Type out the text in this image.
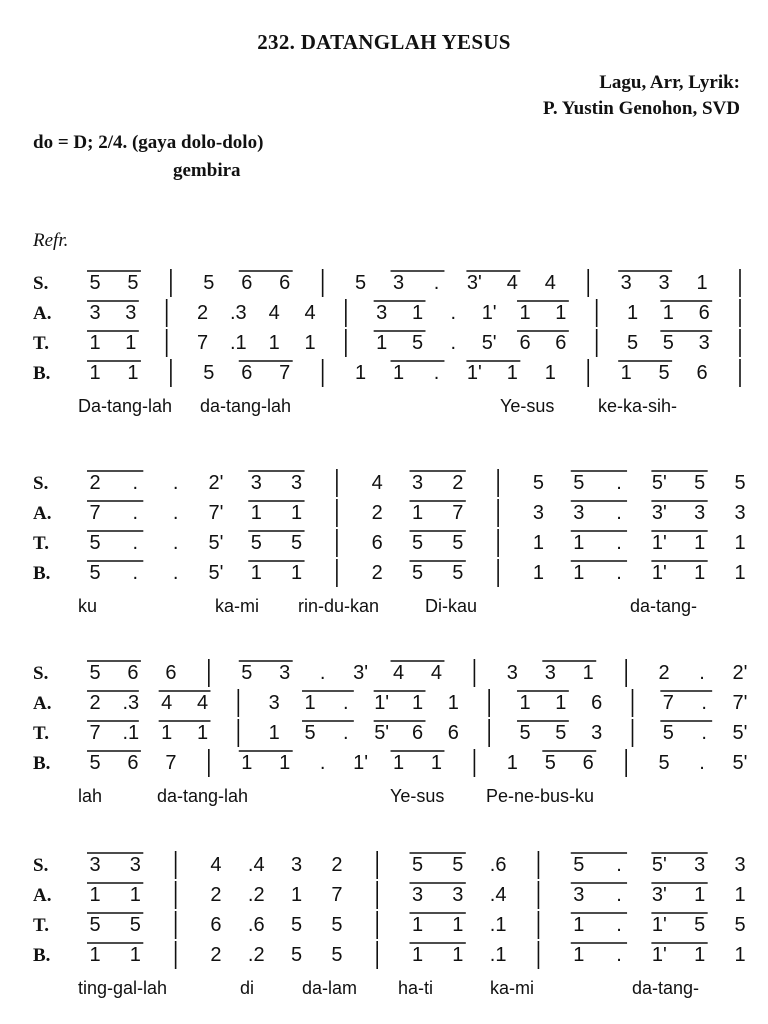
232. DATANGLAH YESUS
Lagu, Arr, Lyrik:
P. Yustin Genohon, SVD
do = D; 2/4. (gaya dolo-dolo)
gembira
Refr.
S.
A.
T.
B.
5 5	5 6 6	5 3 . 3' 4 4	3 3 1
3 3	2 .3 4 4	3 1 . 1' 1 1	1 1 6
1 1	7 .1 1 1	1 5 . 5' 6 6	5 5 3
1 1	5 6 7	1 1 . 1' 1 1	1 5 6
Da-tang-lah da-tang-lah	Ye-sus ke-ka-sih-
S.
A.
T.
B.
2 . . 2' 3 3	4 3 2	5 5 . 5' 5 5
7 . . 7' 1 1	2 1 7	3 3 . 3' 3 3
5 . . 5' 5 5	6 5 5	1 1 . 1' 1 1
5 . . 5' 1 1	2 5 5	1 1 . 1' 1 1
ku	ka-mi rin-du-kan	Di-kau	da-tang-
S.
A.
T.
B.
5 6 6	5 3 . 3' 4 4	3 3 1	2 . 2'
2 .3 4 4	3 1 . 1' 1 1	1 1 6	7 . 7'
7 .1 1 1	1 5 . 5' 6 6	5 5 3	5 . 5'
5 6 7	1 1 . 1' 1 1	1 5 6	5 . 5'
lah	da-tang-lah	Ye-sus Pe-ne-bus-ku
S.
A.
T.
B.
3 3	4 .4 3 2	5 5 .6	5 . 5' 3 3
1 1	2 .2 1 7	3 3 .4	3 . 3' 1 1
5 5	6 .6 5 5	1 1 .1	1 . 1' 5 5
1 1	2 .2 5 5	1 1 .1	1 . 1' 1 1
ting-gal-lah	di	da-lam ha-ti	ka-mi	da-tang-
